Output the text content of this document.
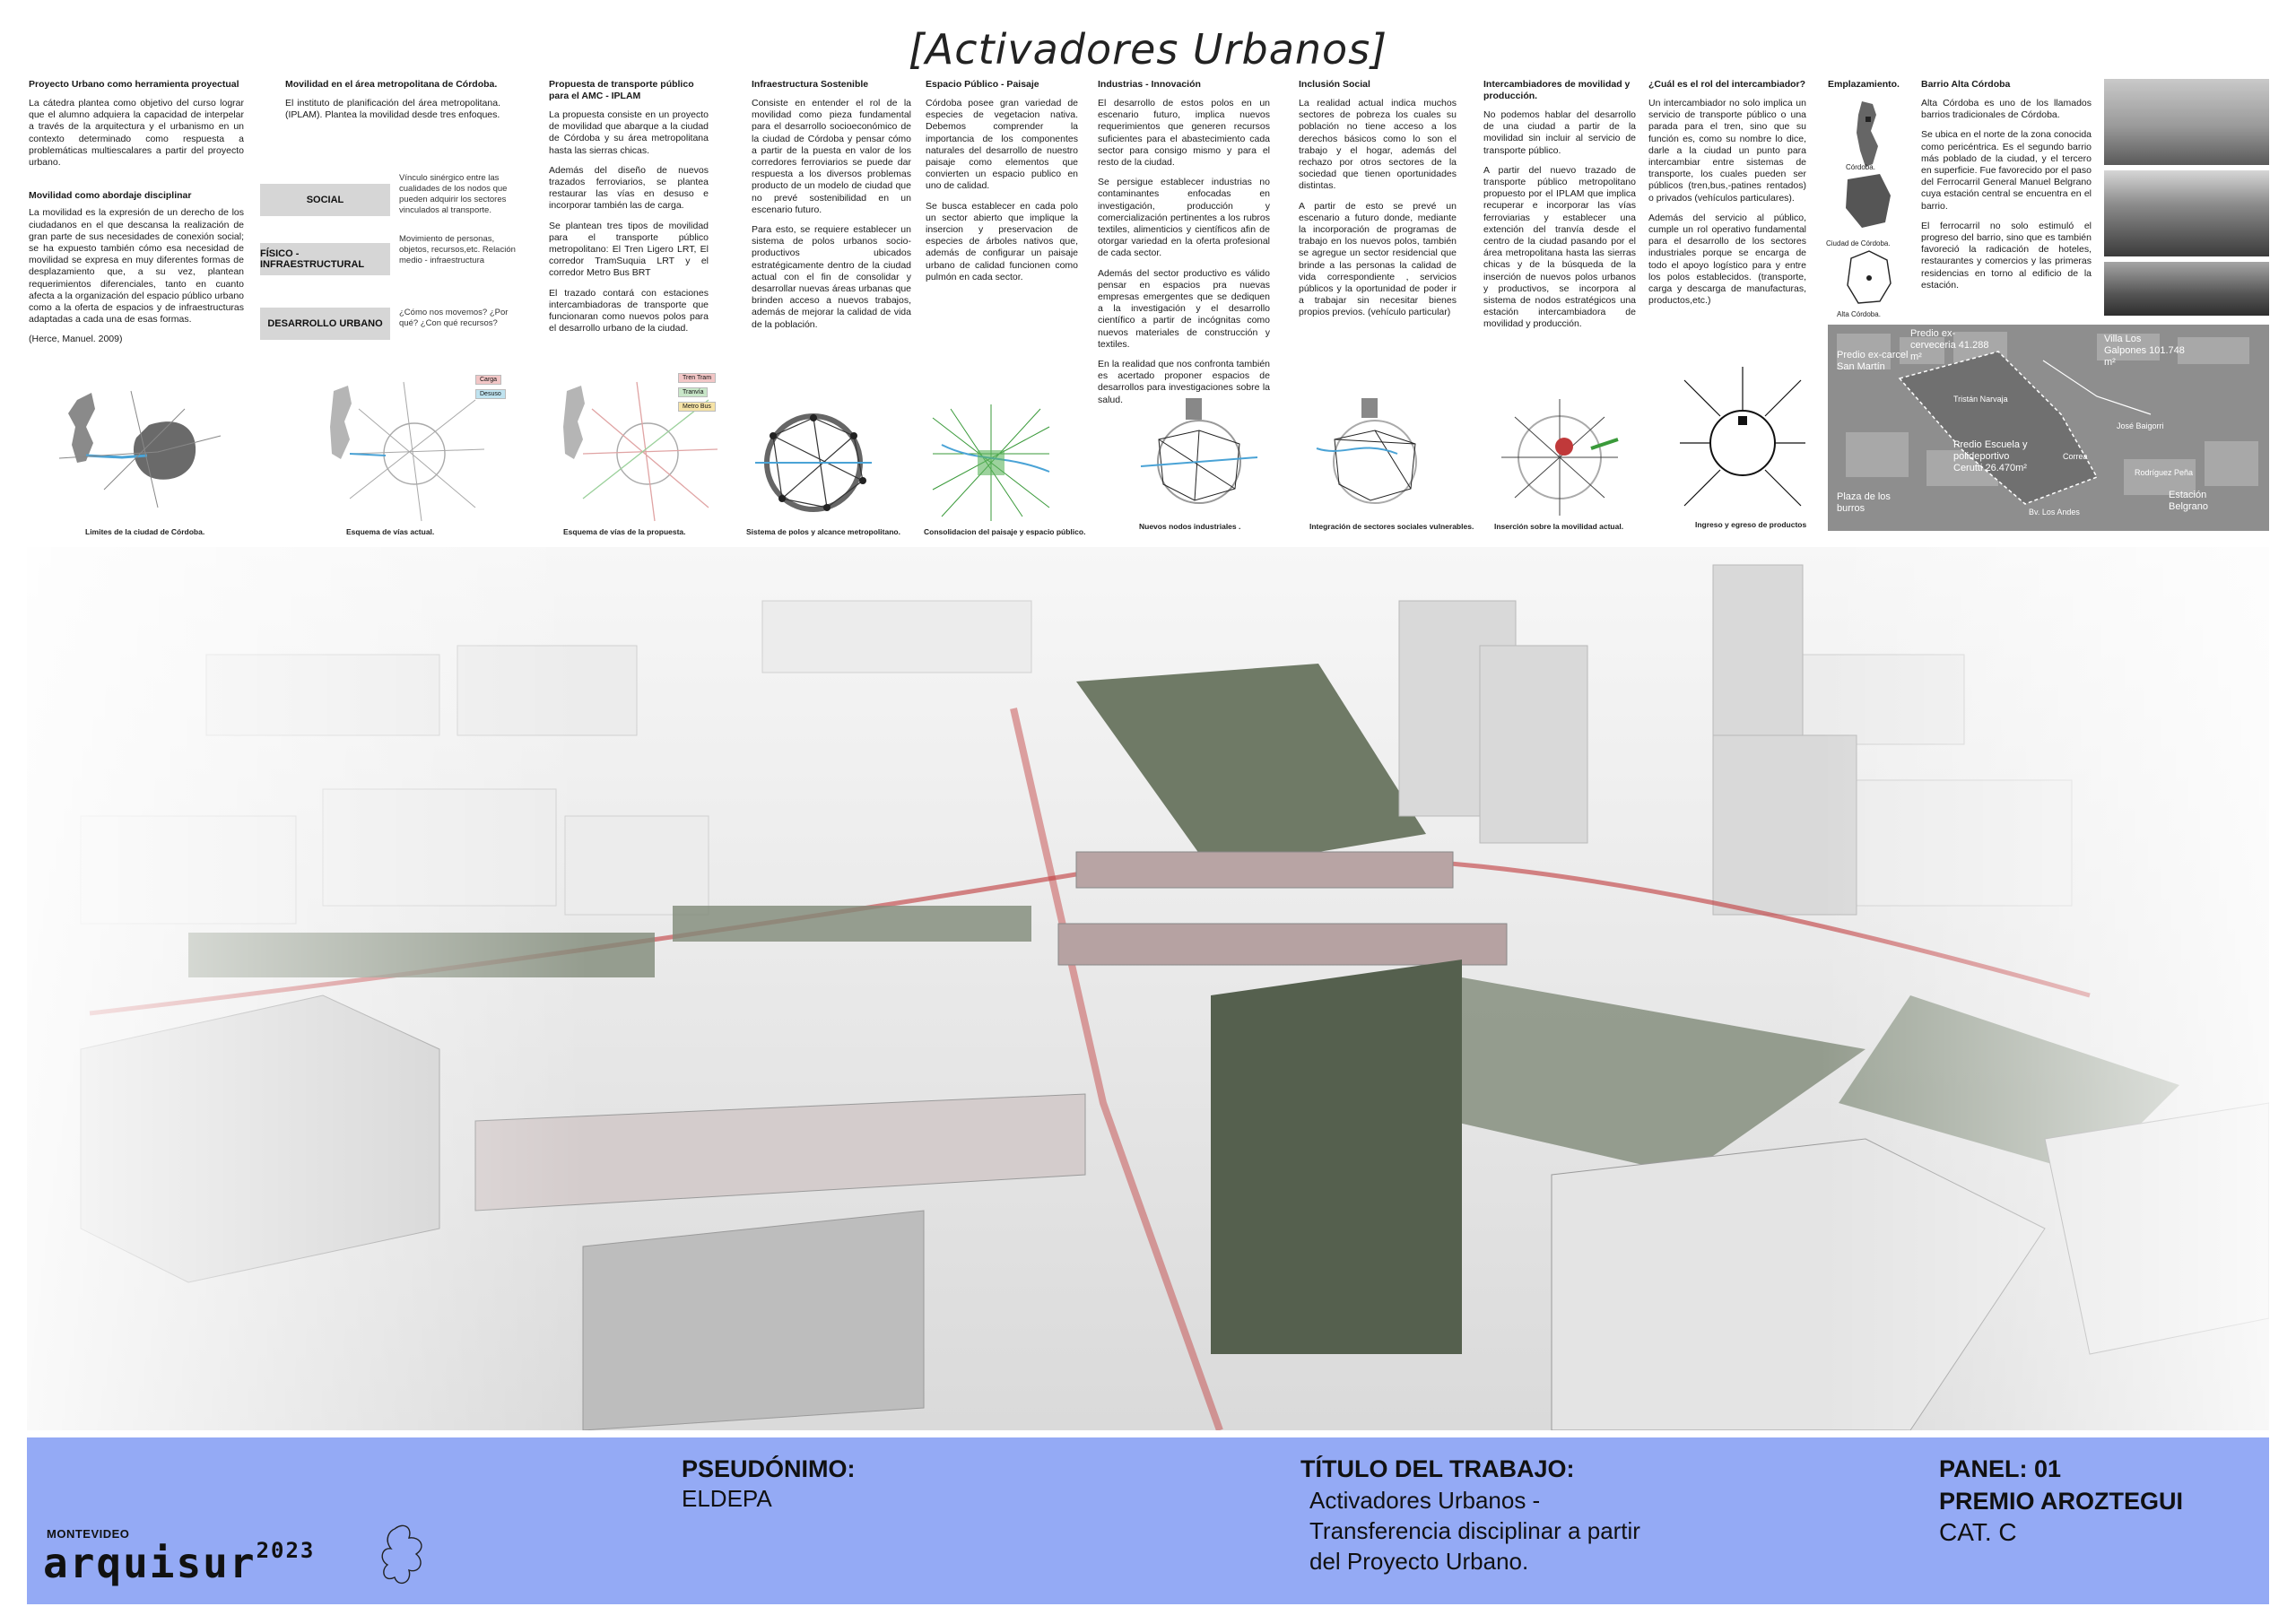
[Activadores Urbanos]
Proyecto Urbano como herramienta proyectual

La cátedra plantea como objetivo del curso lograr que el alumno adquiera la capacidad de interpelar a través de la arquitectura y el urbanismo en un contexto determinado como respuesta a problemáticas multiescalares a partir del proyecto urbano.

Movilidad como abordaje disciplinar

La movilidad es la expresión de un derecho de los ciudadanos en el que descansa la realización de gran parte de sus necesidades de conexión social; se ha expuesto también cómo esa necesidad de movilidad se expresa en muy diferentes formas de desplazamiento que, a su vez, plantean requerimientos diferenciales, tanto en cuanto afecta a la organización del espacio público urbano como a la oferta de espacios y de infraestructuras adaptadas a cada una de esas formas.

(Herce, Manuel. 2009)

Movilidad en el área metropolitana de Córdoba.

El instituto de planificación del área metropolitana. (IPLAM). Plantea la movilidad desde tres enfoques.

SOCIAL
Vínculo sinérgico entre las cualidades de los nodos que pueden adquirir los sectores vinculados al transporte.
FÍSICO - INFRAESTRUCTURAL
Movimiento de personas, objetos, recursos,etc. Relación medio - infraestructura
DESARROLLO URBANO
¿Cómo nos movemos? ¿Por qué? ¿Con qué recursos?
Propuesta de transporte público para el AMC - IPLAM

La propuesta consiste en un proyecto de movilidad que abarque a la ciudad de Córdoba y su área metropolitana hasta las sierras chicas.

Además del diseño de nuevos trazados ferroviarios, se plantea restaurar las vías en desuso e incorporar también las de carga.

Se plantean tres tipos de movilidad para el transporte público metropolitano: El Tren Ligero LRT, El corredor TramSuquia LRT y el corredor Metro Bus BRT

El trazado contará con estaciones intercambiadoras de transporte que funcionaran como nuevos polos para el desarrollo urbano de la ciudad.

Infraestructura Sostenible

Consiste en entender el rol de la movilidad como pieza fundamental para el desarrollo socioeconómico de la ciudad de Córdoba y pensar cómo a partir de la puesta en valor de los corredores ferroviarios se puede dar respuesta a los diversos problemas producto de un modelo de ciudad que no prevé sostenibilidad en un escenario futuro.

Para esto, se requiere establecer un sistema de polos urbanos socio-productivos ubicados estratégicamente dentro de la ciudad actual con el fin de consolidar y desarrollar nuevas áreas urbanas que brinden acceso a nuevos trabajos, además de mejorar la calidad de vida de la población.

Espacio Público - Paisaje

Córdoba posee gran variedad de especies de vegetacion nativa. Debemos comprender la importancia de los componentes naturales del desarrollo de nuestro paisaje como elementos que convierten un espacio publico en uno de calidad.

Se busca establecer en cada polo un sector abierto que implique la insercion y preservacion de especies de árboles nativos que, además de configurar un paisaje urbano de calidad funcionen como pulmón en cada sector.

Industrias - Innovación

El desarrollo de estos polos en un escenario futuro, implica nuevos requerimientos que generen recursos suficientes para el abastecimiento cada sector para consigo mismo y para el resto de la ciudad.

Se persigue establecer industrias no contaminantes enfocadas en investigación, producción y comercialización pertinentes a los rubros textiles, alimenticios y científicos afin de otorgar variedad en la oferta profesional de cada sector.

Además del sector productivo es válido pensar en espacios pra nuevas empresas emergentes que se dediquen a la investigación y el desarrollo científico a partir de incógnitas como nuevos materiales de construcción y textiles.

En la realidad que nos confronta también es acertado proponer espacios de desarrollos para investigaciones sobre la salud.

Inclusión Social

La realidad actual indica muchos sectores de pobreza los cuales su población no tiene acceso a los derechos básicos como lo son el trabajo y el hogar, además del rechazo por otros sectores de la sociedad que tienen oportunidades distintas.

A partir de esto se prevé un escenario a futuro donde, mediante la incorporación de programas de trabajo en los nuevos polos, también se agregue un sector residencial que brinde a las personas la calidad de vida correspondiente , servicios públicos y la oportunidad de poder ir a trabajar sin necesitar bienes propios previos. (vehículo particular)

Intercambiadores de movilidad y producción.

No podemos hablar del desarrollo de una ciudad a partir de la movilidad sin incluir al servicio de transporte público.

A partir del nuevo trazado de transporte público metropolitano propuesto por el IPLAM que implica recuperar e incorporar las vías ferroviarias y establecer una extención del tranvía desde el centro de la ciudad pasando por el área metropolitana hasta las sierras chicas y de la búsqueda de la inserción de nuevos polos urbanos y productivos, se incorpora al sistema de nodos estratégicos una estación intercambiadora de movilidad y producción.

¿Cuál es el rol del intercambiador?

Un intercambiador no solo implica un servicio de transporte público o una parada para el tren, sino que su función es, como su nombre lo dice, darle a la ciudad un punto para intercambiar entre sistemas de transporte, los cuales pueden ser públicos (tren,bus,-patines rentados) o privados (vehículos particulares).

Además del servicio al público, cumple un rol operativo fundamental para el desarrollo de los sectores industriales porque se encarga de todo el apoyo logístico para y entre los polos establecidos. (transporte, carga y descarga de manufacturas, productos,etc.)

Emplazamiento.
Córdoba.
Ciudad de Córdoba.
Alta Córdoba.
Barrio Alta Córdoba

Alta Córdoba es uno de los llamados barrios tradicionales de Córdoba.

Se ubica en el norte de la zona conocida como pericéntrica. Es el segundo barrio más poblado de la ciudad, y el tercero en superficie. Fue favorecido por el paso del Ferrocarril General Manuel Belgrano cuya estación central se encuentra en el barrio.

El ferrocarril no solo estimuló el progreso del barrio, sino que es también favoreció la radicación de hoteles, restaurantes y comercios y las primeras residencias en torno al edificio de la estación.

Predio ex-carcel San Martín
Predio ex-cerveceria 41.288 m²
Villa Los Galpones 101.748 m²
Predio Escuela y polideportivo Cerutti 26.470m²
Plaza de los burros
Estación Belgrano
Tristán Narvaja
José Baigorri
Correa
Bv. Los Andes
Rodríguez Peña
Limites de la ciudad de Córdoba.
Carga
Desuso
Esquema de vías actual.
Tren Tram
Tranvía
Metro Bus
Esquema de vías de la propuesta.	Sistema de polos y alcance metropolitano.	Consolidacion del paisaje y espacio público.
Nuevos nodos industriales .	Integración de sectores sociales vulnerables.	Inserción sobre la movilidad actual.	Ingreso y egreso de productos
MONTEVIDEO
arquisur$^{2023}$
PSEUDÓNIMO:
ELDEPA
TÍTULO DEL TRABAJO:
Activadores Urbanos -
Transferencia disciplinar a partir
del Proyecto Urbano.
PANEL: 01
PREMIO AROZTEGUI
CAT. C
